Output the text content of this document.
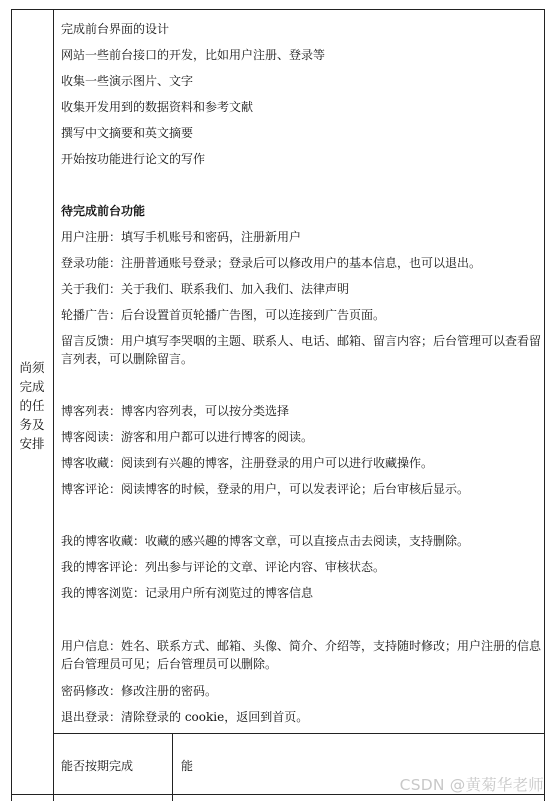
尚须
完成
的任
务及
安排
完成前台界面的设计
网站一些前台接口的开发，比如用户注册、登录等
收集一些演示图片、文字
收集开发用到的数据资料和参考文献
撰写中文摘要和英文摘要
开始按功能进行论文的写作
待完成前台功能
用户注册：填写手机账号和密码，注册新用户
登录功能：注册普通账号登录；登录后可以修改用户的基本信息，也可以退出。
关于我们：关于我们、联系我们、加入我们、法律声明
轮播广告：后台设置首页轮播广告图，可以连接到广告页面。
留言反馈：用户填写李哭咽的主题、联系人、电话、邮箱、留言内容；后台管理可以查看留言列表，可以删除留言。
博客列表：博客内容列表，可以按分类选择
博客阅读：游客和用户都可以进行博客的阅读。
博客收藏：阅读到有兴趣的博客，注册登录的用户可以进行收藏操作。
博客评论：阅读博客的时候，登录的用户，可以发表评论；后台审核后显示。
我的博客收藏：收藏的感兴趣的博客文章，可以直接点击去阅读，支持删除。
我的博客评论：列出参与评论的文章、评论内容、审核状态。
我的博客浏览：记录用户所有浏览过的博客信息
用户信息：姓名、联系方式、邮箱、头像、简介、介绍等，支持随时修改；用户注册的信息后台管理员可见；后台管理员可以删除。
密码修改：修改注册的密码。
退出登录：清除登录的 cookie，返回到首页。
能否按期完成	能
CSDN @黄菊华老师
